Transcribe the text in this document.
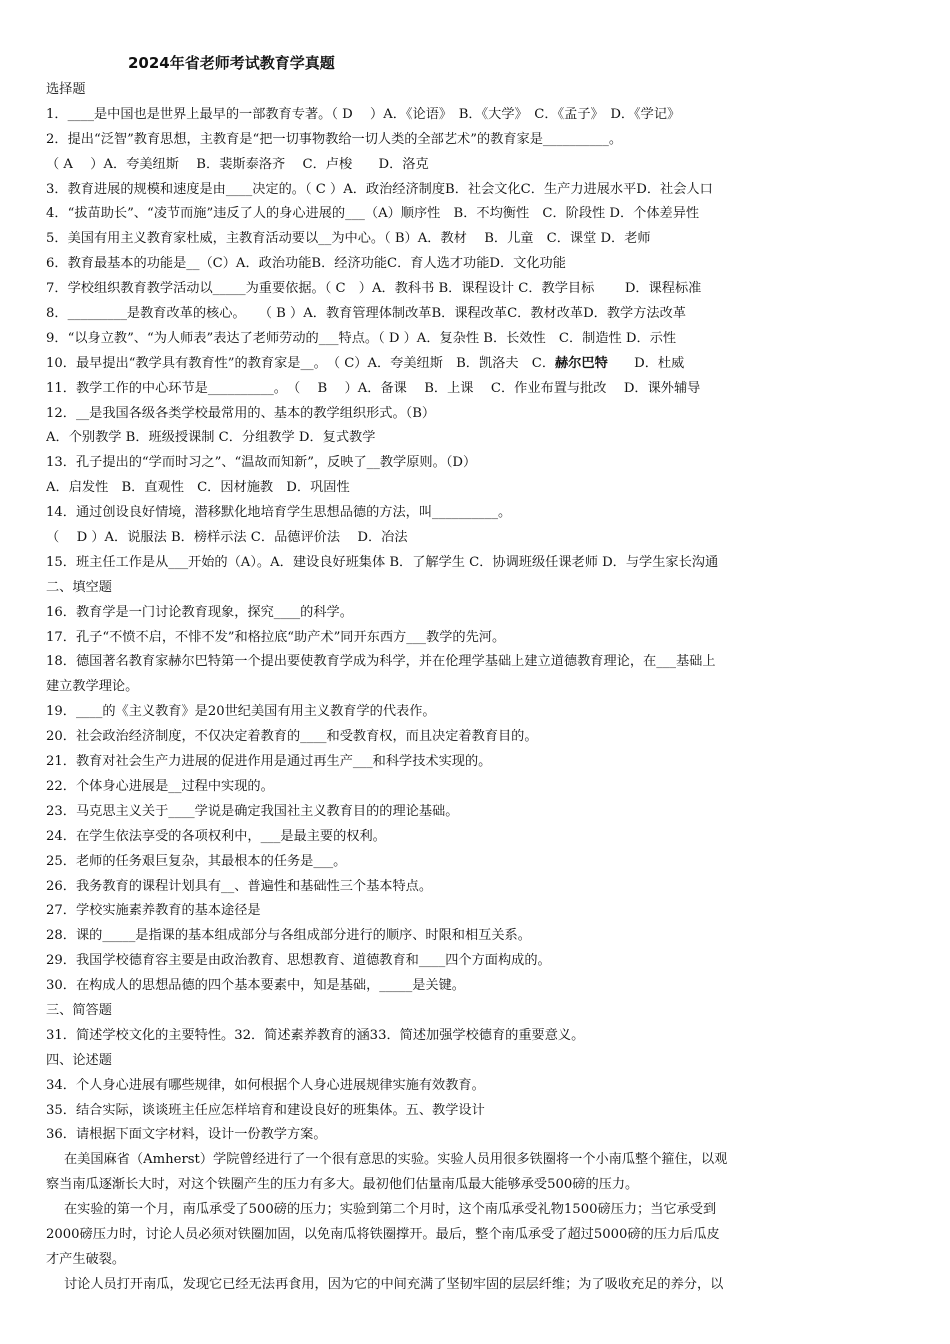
2024年省老师考试教育学真题
选择题
1．____是中国也是世界上最早的一部教育专著。（ D　 ）A．《论语》　B．《大学》　C．《孟子》　D．《学记》
2．提出“泛智”教育思想，主教育是“把一切事物教给一切人类的全部艺术”的教育家是__________。
（ A　 ）A．夸美纽斯　 B．裴斯泰洛齐　 C．卢梭　　D．洛克
3．教育进展的规模和速度是由____决定的。（ C ）A．政治经济制度B．社会文化C．生产力进展水平D．社会人口
4．“拔苗助长”、“凌节而施”违反了人的身心进展的___（A）顺序性　B．不均衡性　C．阶段性 D．个体差异性
5．美国有用主义教育家杜威，主教育活动要以__为中心。（ B）A．教材　 B．儿童　C．课堂 D．老师
6．教育最基本的功能是__（C）A．政治功能B．经济功能C．育人选才功能D．文化功能
7．学校组织教育教学活动以_____为重要依据。（ C　）A．教科书 B．课程设计 C．教学目标　　 D．课程标准
8．_________是教育改革的核心。　　（ B ）A．教育管理体制改革B．课程改革C．教材改革D．教学方法改革
9．“以身立教”、“为人师表”表达了老师劳动的___特点。（ D ）A．复杂性 B．长效性　C．制造性 D．示性
10．最早提出“教学具有教育性”的教育家是__。　（ C）A．夸美纽斯　B．凯洛夫　C．赫尔巴特　　D．杜威
11．教学工作的中心环节是__________。　（　 B　 ）A．备课　 B．上课　 C．作业布置与批改　 D．课外辅导
12．__是我国各级各类学校最常用的、基本的教学组织形式。（B）
A．个别教学 B．班级授课制 C．分组教学 D．复式教学
13．孔子提出的“学而时习之”、“温故而知新”，反映了__教学原则。（D）
A．启发性　B．直观性　C．因材施教　D．巩固性
14．通过创设良好情境，潜移默化地培育学生思想品德的方法，叫__________。
（　 D ）A．说服法 B．榜样示法 C．品德评价法　 D．冶法
15．班主任工作是从___开始的（A）。A．建设良好班集体 B．了解学生 C．协调班级任课老师 D．与学生家长沟通
二、填空题
16．教育学是一门讨论教育现象，探究____的科学。
17．孔子“不愤不启，不悱不发”和格拉底“助产术”同开东西方___教学的先河。
18．德国著名教育家赫尔巴特第一个提出要使教育学成为科学，并在伦理学基础上建立道德教育理论，在___基础上
建立教学理论。
19．____的《主义教育》是20世纪美国有用主义教育学的代表作。
20．社会政治经济制度，不仅决定着教育的____和受教育权，而且决定着教育目的。
21．教育对社会生产力进展的促进作用是通过再生产___和科学技术实现的。
22．个体身心进展是__过程中实现的。
23．马克思主义关于____学说是确定我国社主义教育目的的理论基础。
24．在学生依法享受的各项权利中，___是最主要的权利。
25．老师的任务艰巨复杂，其最根本的任务是___。
26．我务教育的课程计划具有__、普遍性和基础性三个基本特点。
27．学校实施素养教育的基本途径是
28．课的_____是指课的基本组成部分与各组成部分进行的顺序、时限和相互关系。
29．我国学校德育容主要是由政治教育、思想教育、道德教育和____四个方面构成的。
30．在构成人的思想品德的四个基本要素中，知是基础，_____是关键。
三、简答题
31．简述学校文化的主要特性。32．简述素养教育的涵33．简述加强学校德育的重要意义。
四、论述题
34．个人身心进展有哪些规律，如何根据个人身心进展规律实施有效教育。
35．结合实际，谈谈班主任应怎样培育和建设良好的班集体。五、教学设计
36．请根据下面文字材料，设计一份教学方案。
在美国麻省（Amherst）学院曾经进行了一个很有意思的实验。实验人员用很多铁圈将一个小南瓜整个箍住，以观
察当南瓜逐渐长大时，对这个铁圈产生的压力有多大。最初他们估量南瓜最大能够承受500磅的压力。
在实验的第一个月，南瓜承受了500磅的压力；实验到第二个月时，这个南瓜承受礼物1500磅压力；当它承受到
2000磅压力时，讨论人员必须对铁圈加固，以免南瓜将铁圈撑开。最后，整个南瓜承受了超过5000磅的压力后瓜皮
才产生破裂。
讨论人员打开南瓜，发现它已经无法再食用，因为它的中间充满了坚韧牢固的层层纤维；为了吸收充足的养分，以
